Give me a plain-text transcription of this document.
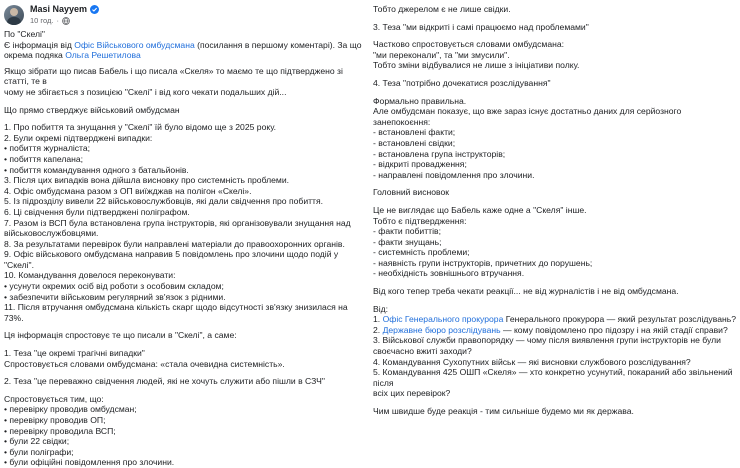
Masi Nayyem
10 год. ·

По "Скелі"

Є інформація від Офіс Військового омбудсмана (посилання в першому коментарі). За що

окрема подяка Ольга Решетилова

Якщо зібрати що писав Бабель і що писала «Скеля» то маємо те що підтверджено зі статті, те в

чому не збігається з позицією "Скелі" і від кого чекати подальших дій...

Що прямо стверджує військовий омбудсман

1. Про побиття та знущання у "Скелі" їй було відомо ще з 2025 року.

2. Були окремі підтверджені випадки:

• побиття журналіста;

• побиття капелана;

• побиття командування одного з батальйонів.

3. Після цих випадків вона дійшла висновку про системність проблеми.

4. Офіс омбудсмана разом з ОП виїжджав на полігон «Скелі».

5. Із підрозділу вивели 22 військовослужбовців, які дали свідчення про побиття.

6. Ці свідчення були підтверджені поліграфом.

7. Разом із ВСП була встановлена група інструкторів, які організовували знущання над

військовослужбовцями.

8. За результатами перевірок були направлені матеріали до правоохоронних органів.

9. Офіс військового омбудсмана направив 5 повідомлень про злочини щодо подій у "Скелі".

10. Командування довелося переконувати:

• усунути окремих осіб від роботи з особовим складом;

• забезпечити військовим регулярний зв'язок з рідними.

11. Після втручання омбудсмана кількість скарг щодо відсутності зв'язку знизилася на 73%.

Ця інформація спростовує те що писали в "Скелі", а саме:

1. Теза "це окремі трагічні випадки"

Спростовується словами омбудсмана: «стала очевидна системність».

2. Теза "це переважно свідчення людей, які не хочуть служити або пішли в СЗЧ"

Спростовується тим, що:

• перевірку проводив омбудсман;

• перевірку проводив ОП;

• перевірку проводила ВСП;

• були 22 свідки;

• були поліграфи;

• були офіційні повідомлення про злочини.

Тобто джерелом є не лише свідки.

3. Теза "ми відкриті і самі працюємо над проблемами"

Частково спростовується словами омбудсмана:

"ми переконали", та "ми змусили".

Тобто зміни відбувалися не лише з ініціативи полку.

4. Теза "потрібно дочекатися розслідування"

Формально правильна.

Але омбудсман показує, що вже зараз існує достатньо даних для серйозного занепокоєння:

- встановлені факти;

- встановлені свідки;

- встановлена група інструкторів;

- відкриті провадження;

- направлені повідомлення про злочини.

Головний висновок

Це не виглядає що Бабель каже одне а "Скеля" інше.

Тобто є підтвердження:

- факти побиттів;

- факти знущань;

- системність проблеми;

- наявність групи інструкторів, причетних до порушень;

- необхідність зовнішнього втручання.

Від кого тепер треба чекати реакції... не від журналістів і не від омбудсмана.

Від:

1. Офіс Генерального прокурора Генерального прокурора — який результат розслідувань?

2. Державне бюро розслідувань — кому повідомлено про підозру і на якій стадії справи?

3. Військової служби правопорядку — чому після виявлення групи інструкторів не були

своєчасно вжиті заходи?

4. Командування Сухопутних військ — які висновки службового розслідування?

5. Командування 425 ОШП «Скеля» — хто конкретно усунутий, покараний або звільнений після

всіх цих перевірок?

Чим швидше буде реакція - тим сильніше будемо ми як держава.
